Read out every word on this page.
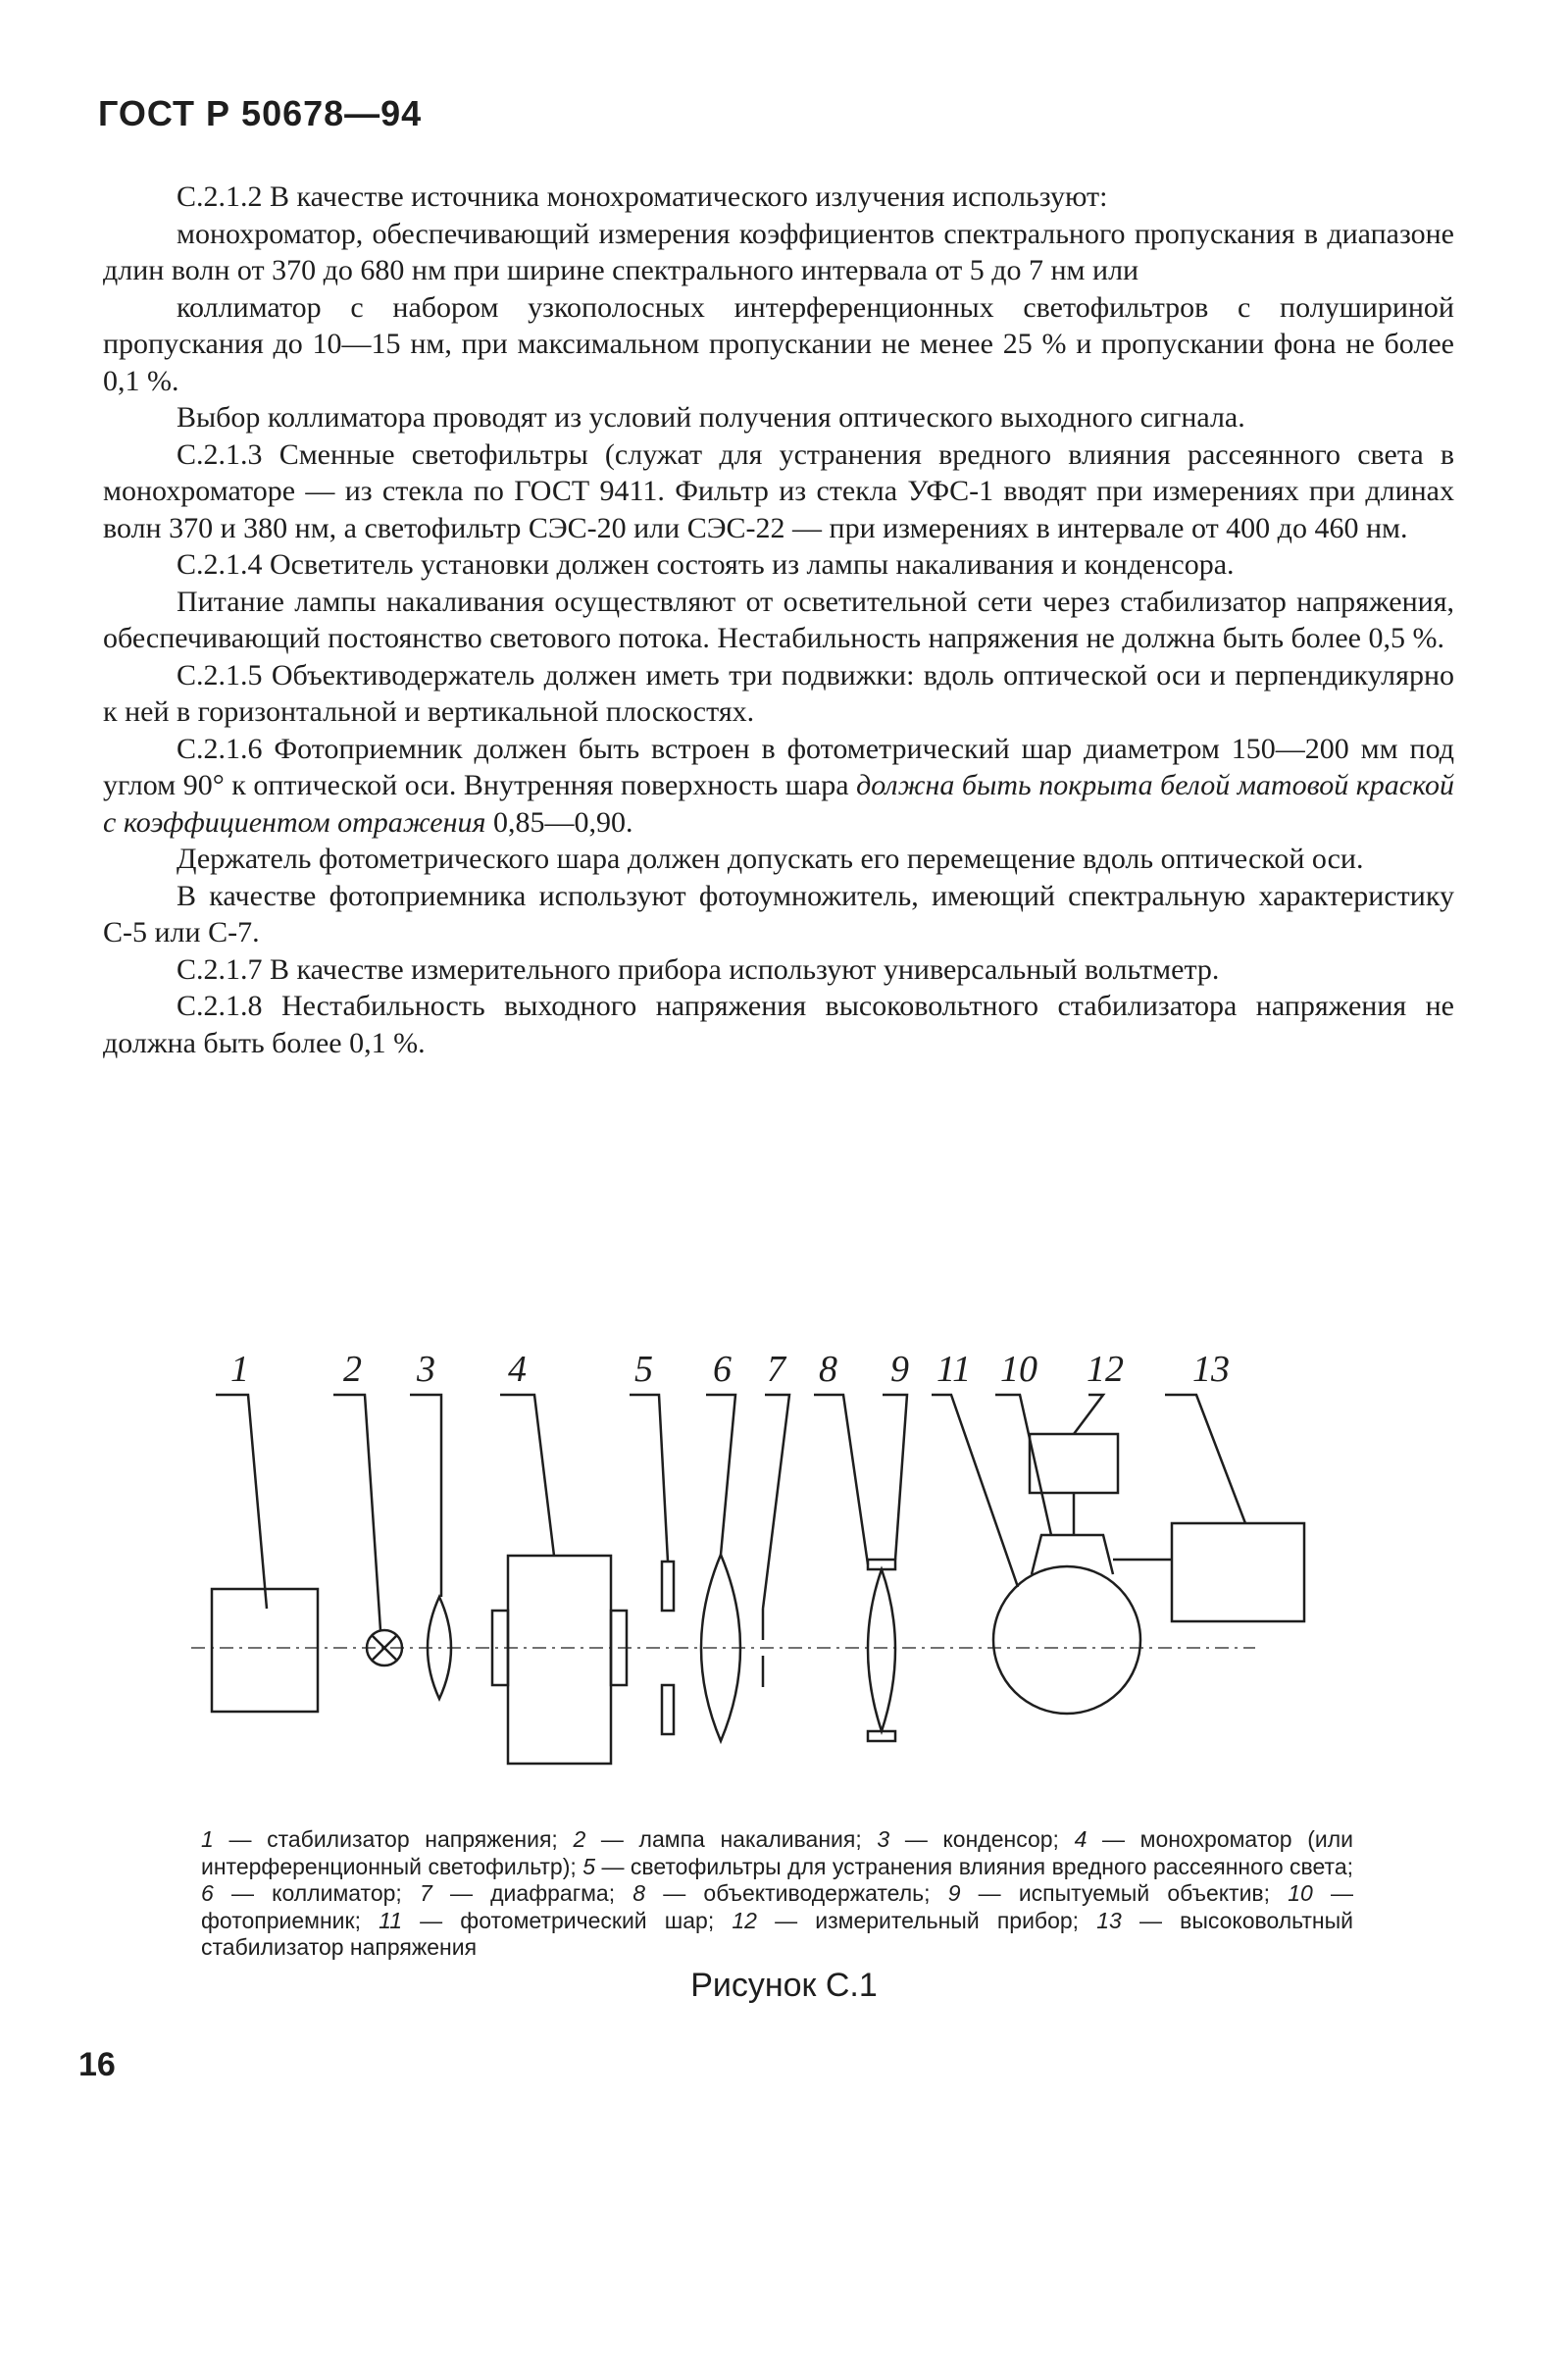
ГОСТ Р 50678—94

С.2.1.2 В качестве источника монохроматического излучения используют:

монохроматор, обеспечивающий измерения коэффициентов спектрального пропускания в диапазоне длин волн от 370 до 680 нм при ширине спектрального интервала от 5 до 7 нм или

коллиматор с набором узкополосных интерференционных светофильтров с полушириной пропускания до 10—15 нм, при максимальном пропускании не менее 25 % и пропускании фона не более 0,1 %.

Выбор коллиматора проводят из условий получения оптического выходного сигнала.

С.2.1.3 Сменные светофильтры (служат для устранения вредного влияния рассеянного света в монохроматоре — из стекла по ГОСТ 9411. Фильтр из стекла УФС-1 вводят при измерениях при длинах волн 370 и 380 нм, а светофильтр СЭС-20 или СЭС-22 — при измерениях в интервале от 400 до 460 нм.

С.2.1.4 Осветитель установки должен состоять из лампы накаливания и конденсора.

Питание лампы накаливания осуществляют от осветительной сети через стабилизатор напряжения, обеспечивающий постоянство светового потока. Нестабильность напряжения не должна быть более 0,5 %.

С.2.1.5 Объективодержатель должен иметь три подвижки: вдоль оптической оси и перпендикулярно к ней в горизонтальной и вертикальной плоскостях.

С.2.1.6 Фотоприемник должен быть встроен в фотометрический шар диаметром 150—200 мм под углом 90° к оптической оси. Внутренняя поверхность шара должна быть покрыта белой матовой краской с коэффициентом отражения 0,85—0,90.

Держатель фотометрического шара должен допускать его перемещение вдоль оптической оси.

В качестве фотоприемника используют фотоумножитель, имеющий спектральную характеристику С-5 или С-7.

С.2.1.7 В качестве измерительного прибора используют универсальный вольтметр.

С.2.1.8 Нестабильность выходного напряжения высоковольтного стабилизатора напряжения не должна быть более 0,1 %.

1	2 3 4	5 6 7 8 9 11 10 12 13
1 — стабилизатор напряжения; 2 — лампа накаливания; 3 — конденсор; 4 — монохроматор (или интерференционный светофильтр); 5 — светофильтры для устранения влияния вредного рассеянного света; 6 — коллиматор; 7 — диафрагма; 8 — объективодержатель; 9 — испытуемый объектив; 10 — фотоприемник; 11 — фотометрический шар; 12 — измерительный прибор; 13 — высоковольтный стабилизатор напряжения
Рисунок С.1
16
